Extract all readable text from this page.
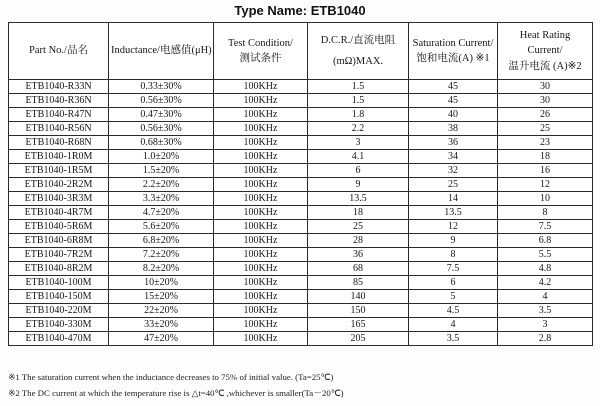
Type Name: ETB1040
Part No./品名	Inductance/电感值(μH)	Test Condition/
测试条件	D.C.R./直流电阻
(mΩ)MAX.	Saturation Current/
饱和电流(A) ※1	Heat Rating
Current/
温升电流 (A)※2

ETB1040-R33N	0.33±30%	100KHz	1.5	45	30
ETB1040-R36N	0.56±30%	100KHz	1.5	45	30
ETB1040-R47N	0.47±30%	100KHz	1.8	40	26
ETB1040-R56N	0.56±30%	100KHz	2.2	38	25
ETB1040-R68N	0.68±30%	100KHz	3	36	23
ETB1040-1R0M	1.0±20%	100KHz	4.1	34	18
ETB1040-1R5M	1.5±20%	100KHz	6	32	16
ETB1040-2R2M	2.2±20%	100KHz	9	25	12
ETB1040-3R3M	3.3±20%	100KHz	13.5	14	10
ETB1040-4R7M	4.7±20%	100KHz	18	13.5	8
ETB1040-5R6M	5.6±20%	100KHz	25	12	7.5
ETB1040-6R8M	6.8±20%	100KHz	28	9	6.8
ETB1040-7R2M	7.2±20%	100KHz	36	8	5.5
ETB1040-8R2M	8.2±20%	100KHz	68	7.5	4.8
ETB1040-100M	10±20%	100KHz	85	6	4.2
ETB1040-150M	15±20%	100KHz	140	5	4
ETB1040-220M	22±20%	100KHz	150	4.5	3.5
ETB1040-330M	33±20%	100KHz	165	4	3
ETB1040-470M	47±20%	100KHz	205	3.5	2.8
※1 The saturation current when the inductance decreases to 75% of initial value. (Ta=25℃)
※2 The DC current at which the temperature rise is △t=40℃ ,whichever is smaller(Ta－20℃)
